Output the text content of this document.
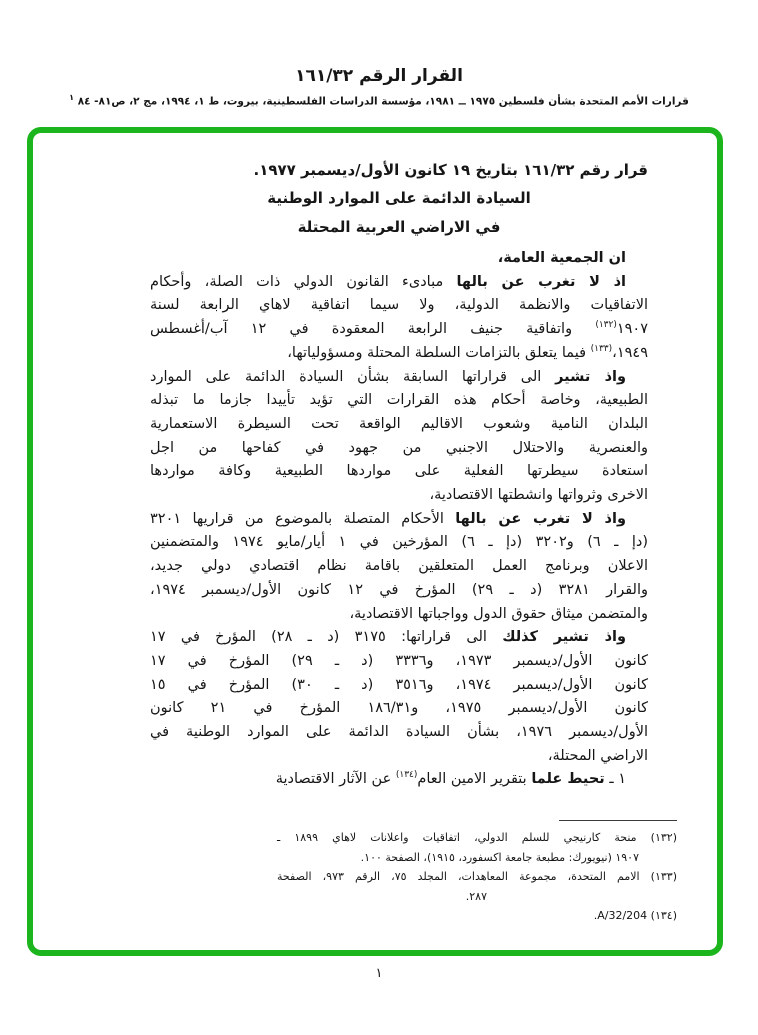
القرار الرقم ١٦١/٣٢
قرارات الأمم المتحدة بشأن فلسطين ١٩٧٥ ــ ١٩٨١، مؤسسة الدراسات الفلسطينية، بيروت، ط ١، ١٩٩٤، مج ٢، ص٨١- ٨٤ $^١$
قرار رقم ١٦١/٣٢ بتاريخ ١٩ كانون الأول/ديسمبر ١٩٧٧.
السيادة الدائمة على الموارد الوطنية
في الاراضي العربية المحتلة
ان الجمعية العامة،
اذ لا تغرب عن بالها مبادىء القانون الدولي ذات الصلة، وأحكام
الاتفاقيات والانظمة الدولية، ولا سيما اتفاقية لاهاي الرابعة لسنة
١٩٠٧$^{(١٣٢)}$ واتفاقية جنيف الرابعة المعقودة في ١٢ آب/أغسطس
١٩٤٩،$^{(١٣٣)}$ فيما يتعلق بالتزامات السلطة المحتلة ومسؤولياتها،
واذ تشير الى قراراتها السابقة بشأن السيادة الدائمة على الموارد
الطبيعية، وخاصة أحكام هذه القرارات التي تؤيد تأييدا جازما ما تبذله
البلدان النامية وشعوب الاقاليم الواقعة تحت السيطرة الاستعمارية
والعنصرية والاحتلال الاجنبي من جهود في كفاحها من اجل
استعادة سيطرتها الفعلية على مواردها الطبيعية وكافة مواردها
الاخرى وثرواتها وانشطتها الاقتصادية،
واذ لا تغرب عن بالها الأحكام المتصلة بالموضوع من قراريها ٣٢٠١
(دإ ـ ٦) و٣٢٠٢ (دإ ـ ٦) المؤرخين في ١ أيار/مايو ١٩٧٤ والمتضمنين
الاعلان وبرنامج العمل المتعلقين باقامة نظام اقتصادي دولي جديد،
والقرار ٣٢٨١ (د ـ ٢٩) المؤرخ في ١٢ كانون الأول/ديسمبر ١٩٧٤،
والمتضمن ميثاق حقوق الدول وواجباتها الاقتصادية،
واذ تشير كذلك الى قراراتها: ٣١٧٥ (د ـ ٢٨) المؤرخ في ١٧
كانون الأول/ديسمبر ١٩٧٣، و٣٣٣٦ (د ـ ٢٩) المؤرخ في ١٧
كانون الأول/ديسمبر ١٩٧٤، و٣٥١٦ (د ـ ٣٠) المؤرخ في ١٥
كانون الأول/ديسمبر ١٩٧٥، و١٨٦/٣١ المؤرخ في ٢١ كانون
الأول/ديسمبر ١٩٧٦، بشأن السيادة الدائمة على الموارد الوطنية في
الاراضي المحتلة،
١ ـ تحيط علما بتقرير الامين العام$^{(١٣٤)}$ عن الآثار الاقتصادية
(١٣٢) منحة كارنيجي للسلم الدولي، اتفاقيات واعلانات لاهاي ١٨٩٩ ـ
١٩٠٧ (نيويورك: مطبعة جامعة اكسفورد، ١٩١٥)، الصفحة ١٠٠.
(١٣٣) الامم المتحدة، مجموعة المعاهدات، المجلد ٧٥، الرقم ٩٧٣، الصفحة
٢٨٧.
(١٣٤) A/32/204.
١
